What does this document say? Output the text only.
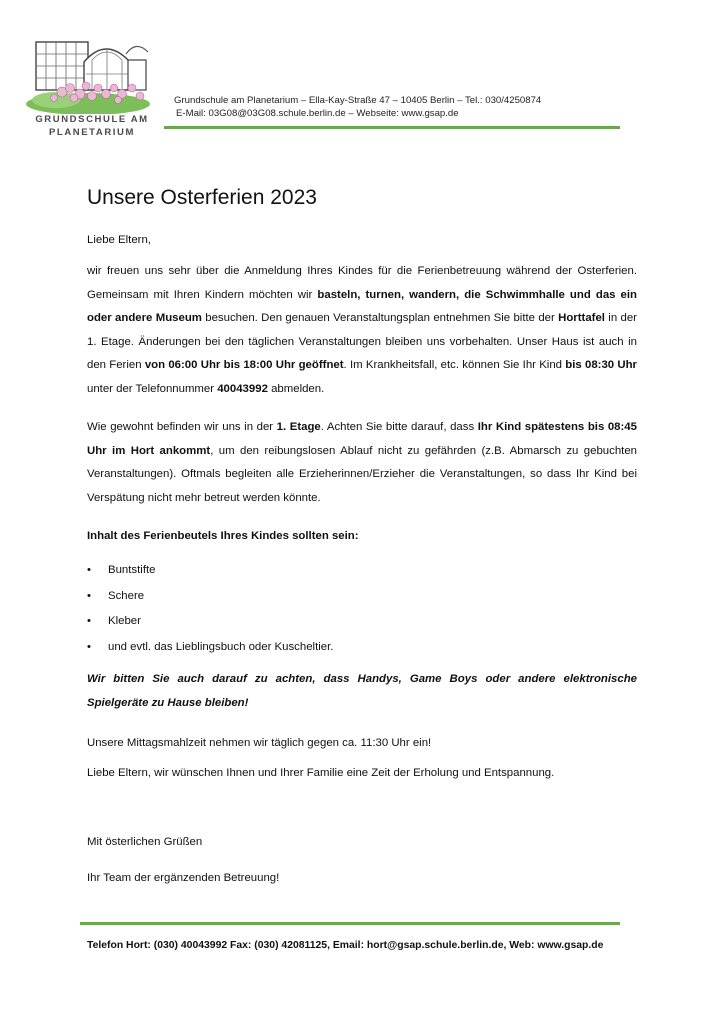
GRUNDSCHULE AM
PLANETARIUM
Grundschule am Planetarium – Ella-Kay-Straße 47 – 10405 Berlin – Tel.: 030/4250874
E-Mail: 03G08@03G08.schule.berlin.de – Webseite: www.gsap.de
Unsere Osterferien 2023

Liebe Eltern,

wir freuen uns sehr über die Anmeldung Ihres Kindes für die Ferienbetreuung während der Osterferien. Gemeinsam mit Ihren Kindern möchten wir basteln, turnen, wandern, die Schwimmhalle und das ein oder andere Museum besuchen. Den genauen Veranstaltungsplan entnehmen Sie bitte der Horttafel in der 1. Etage. Änderungen bei den täglichen Veranstaltungen bleiben uns vorbehalten. Unser Haus ist auch in den Ferien von 06:00 Uhr bis 18:00 Uhr geöffnet. Im Krankheitsfall, etc. können Sie Ihr Kind bis 08:30 Uhr unter der Telefonnummer 40043992 abmelden.

Wie gewohnt befinden wir uns in der 1. Etage. Achten Sie bitte darauf, dass Ihr Kind spätestens bis 08:45 Uhr im Hort ankommt, um den reibungslosen Ablauf nicht zu gefährden (z.B. Abmarsch zu gebuchten Veranstaltungen). Oftmals begleiten alle Erzieherinnen/Erzieher die Veranstaltungen, so dass Ihr Kind bei Verspätung nicht mehr betreut werden könnte.

Inhalt des Ferienbeutels Ihres Kindes sollten sein:

• Buntstifte
• Schere
• Kleber
• und evtl. das Lieblingsbuch oder Kuscheltier.

Wir bitten Sie auch darauf zu achten, dass Handys, Game Boys oder andere elektronische Spielgeräte zu Hause bleiben!

Unsere Mittagsmahlzeit nehmen wir täglich gegen ca. 11:30 Uhr ein!

Liebe Eltern, wir wünschen Ihnen und Ihrer Familie eine Zeit der Erholung und Entspannung.

Mit österlichen Grüßen

Ihr Team der ergänzenden Betreuung!

Telefon Hort: (030) 40043992 Fax: (030) 42081125, Email: hort@gsap.schule.berlin.de, Web: www.gsap.de
